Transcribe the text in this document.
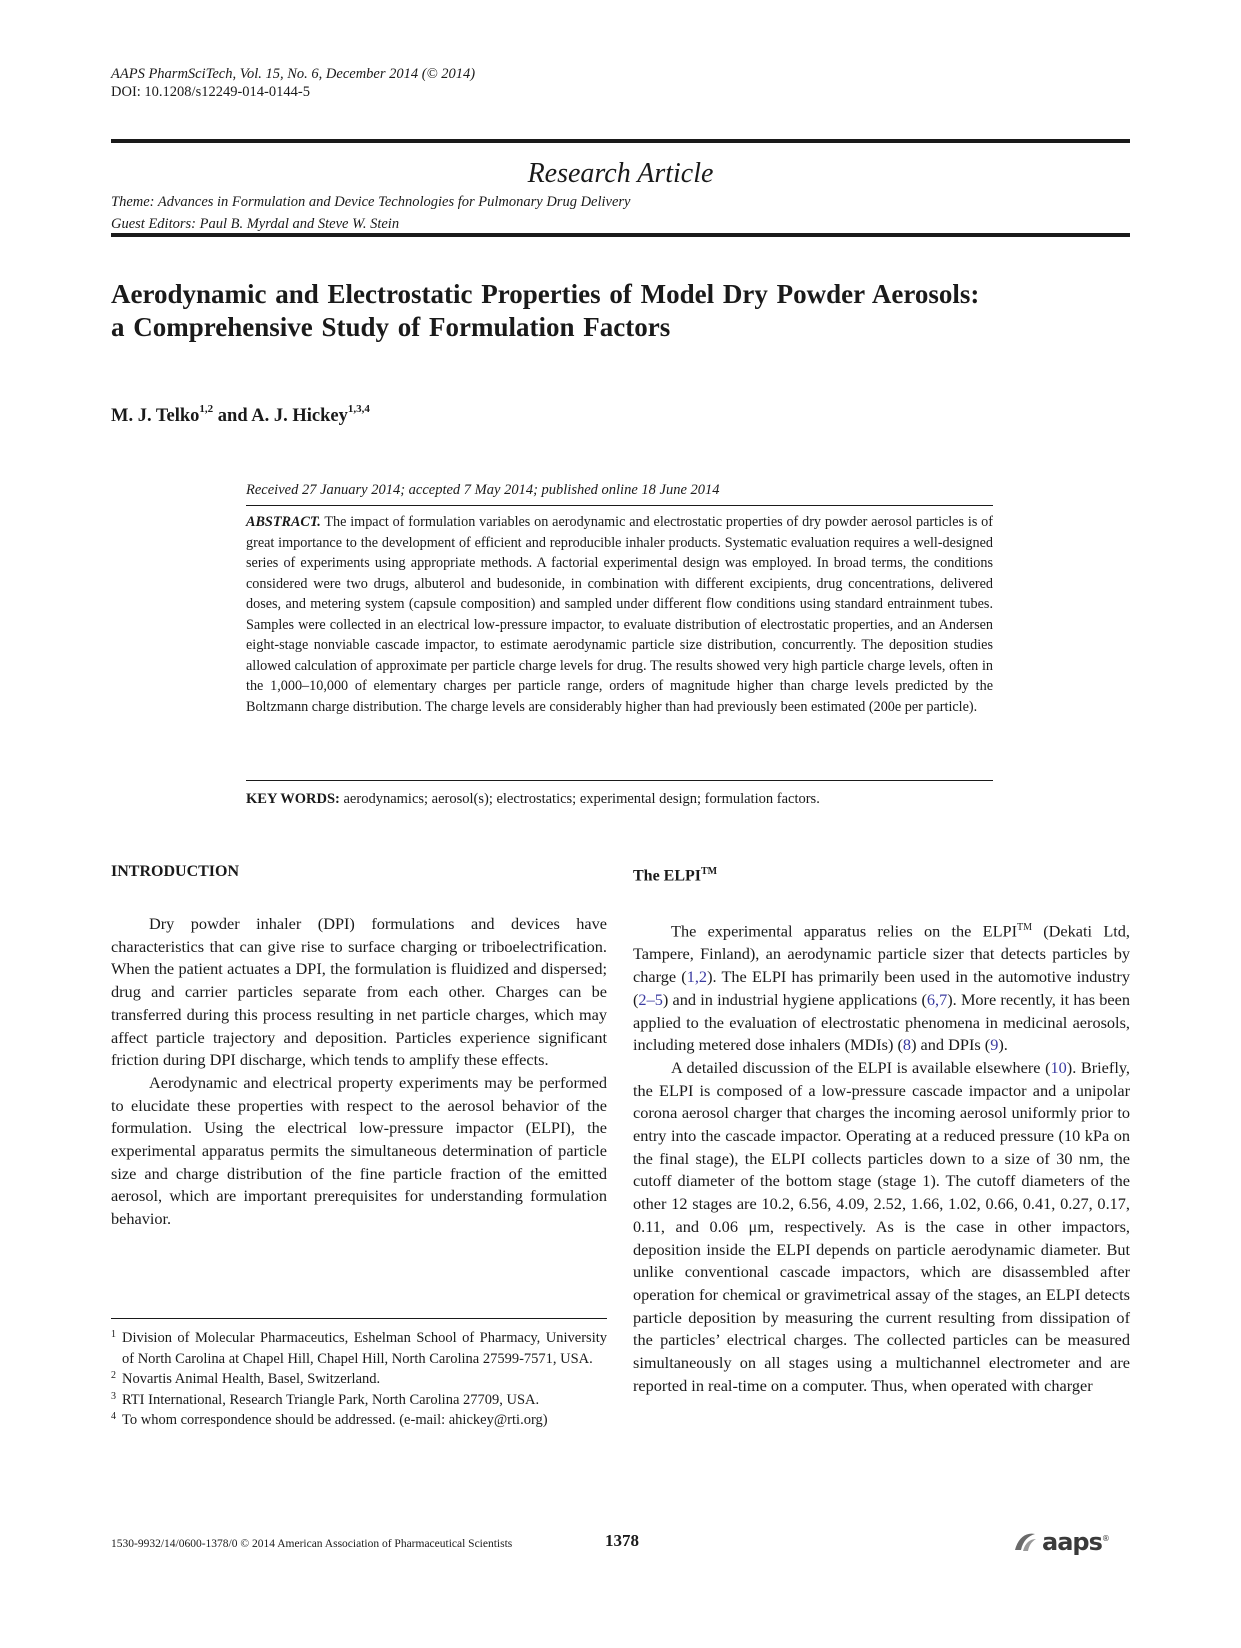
AAPS PharmSciTech, Vol. 15, No. 6, December 2014 (© 2014)
DOI: 10.1208/s12249-014-0144-5
Research Article
Theme: Advances in Formulation and Device Technologies for Pulmonary Drug Delivery
Guest Editors: Paul B. Myrdal and Steve W. Stein
Aerodynamic and Electrostatic Properties of Model Dry Powder Aerosols:
a Comprehensive Study of Formulation Factors
M. J. Telko$^{1,2}$ and A. J. Hickey$^{1,3,4}$
Received 27 January 2014; accepted 7 May 2014; published online 18 June 2014
ABSTRACT. The impact of formulation variables on aerodynamic and electrostatic properties of dry powder aerosol particles is of great importance to the development of efficient and reproducible inhaler products. Systematic evaluation requires a well-designed series of experiments using appropriate methods. A factorial experimental design was employed. In broad terms, the conditions considered were two drugs, albuterol and budesonide, in combination with different excipients, drug concentrations, delivered doses, and metering system (capsule composition) and sampled under different flow conditions using standard entrainment tubes. Samples were collected in an electrical low-pressure impactor, to evaluate distribution of electrostatic properties, and an Andersen eight-stage nonviable cascade impactor, to estimate aerodynamic particle size distribution, concurrently. The deposition studies allowed calculation of approximate per particle charge levels for drug. The results showed very high particle charge levels, often in the 1,000–10,000 of elementary charges per particle range, orders of magnitude higher than charge levels predicted by the Boltzmann charge distribution. The charge levels are considerably higher than had previously been estimated (200e per particle).
KEY WORDS: aerodynamics; aerosol(s); electrostatics; experimental design; formulation factors.
INTRODUCTION

Dry powder inhaler (DPI) formulations and devices have characteristics that can give rise to surface charging or triboelectrification. When the patient actuates a DPI, the formulation is fluidized and dispersed; drug and carrier particles separate from each other. Charges can be transferred during this process resulting in net particle charges, which may affect particle trajectory and deposition. Particles experience significant friction during DPI discharge, which tends to amplify these effects.

Aerodynamic and electrical property experiments may be performed to elucidate these properties with respect to the aerosol behavior of the formulation. Using the electrical low-pressure impactor (ELPI), the experimental apparatus permits the simultaneous determination of particle size and charge distribution of the fine particle fraction of the emitted aerosol, which are important prerequisites for understanding formulation behavior.

1 Division of Molecular Pharmaceutics, Eshelman School of Pharmacy, University of North Carolina at Chapel Hill, Chapel Hill, North Carolina 27599-7571, USA.
2 Novartis Animal Health, Basel, Switzerland.
3 RTI International, Research Triangle Park, North Carolina 27709, USA.
4 To whom correspondence should be addressed. (e-mail: ahickey@rti.org)
The ELPI™

The experimental apparatus relies on the ELPI™ (Dekati Ltd, Tampere, Finland), an aerodynamic particle sizer that detects particles by charge (1,2). The ELPI has primarily been used in the automotive industry (2–5) and in industrial hygiene applications (6,7). More recently, it has been applied to the evaluation of electrostatic phenomena in medicinal aerosols, including metered dose inhalers (MDIs) (8) and DPIs (9).

A detailed discussion of the ELPI is available elsewhere (10). Briefly, the ELPI is composed of a low-pressure cascade impactor and a unipolar corona aerosol charger that charges the incoming aerosol uniformly prior to entry into the cascade impactor. Operating at a reduced pressure (10 kPa on the final stage), the ELPI collects particles down to a size of 30 nm, the cutoff diameter of the bottom stage (stage 1). The cutoff diameters of the other 12 stages are 10.2, 6.56, 4.09, 2.52, 1.66, 1.02, 0.66, 0.41, 0.27, 0.17, 0.11, and 0.06 μm, respectively. As is the case in other impactors, deposition inside the ELPI depends on particle aerodynamic diameter. But unlike conventional cascade impactors, which are disassembled after operation for chemical or gravimetrical assay of the stages, an ELPI detects particle deposition by measuring the current resulting from dissipation of the particles’ electrical charges. The collected particles can be measured simultaneously on all stages using a multichannel electrometer and are reported in real-time on a computer. Thus, when operated with charger

1530-9932/14/0600-1378/0 © 2014 American Association of Pharmaceutical Scientists	1378	aaps®
